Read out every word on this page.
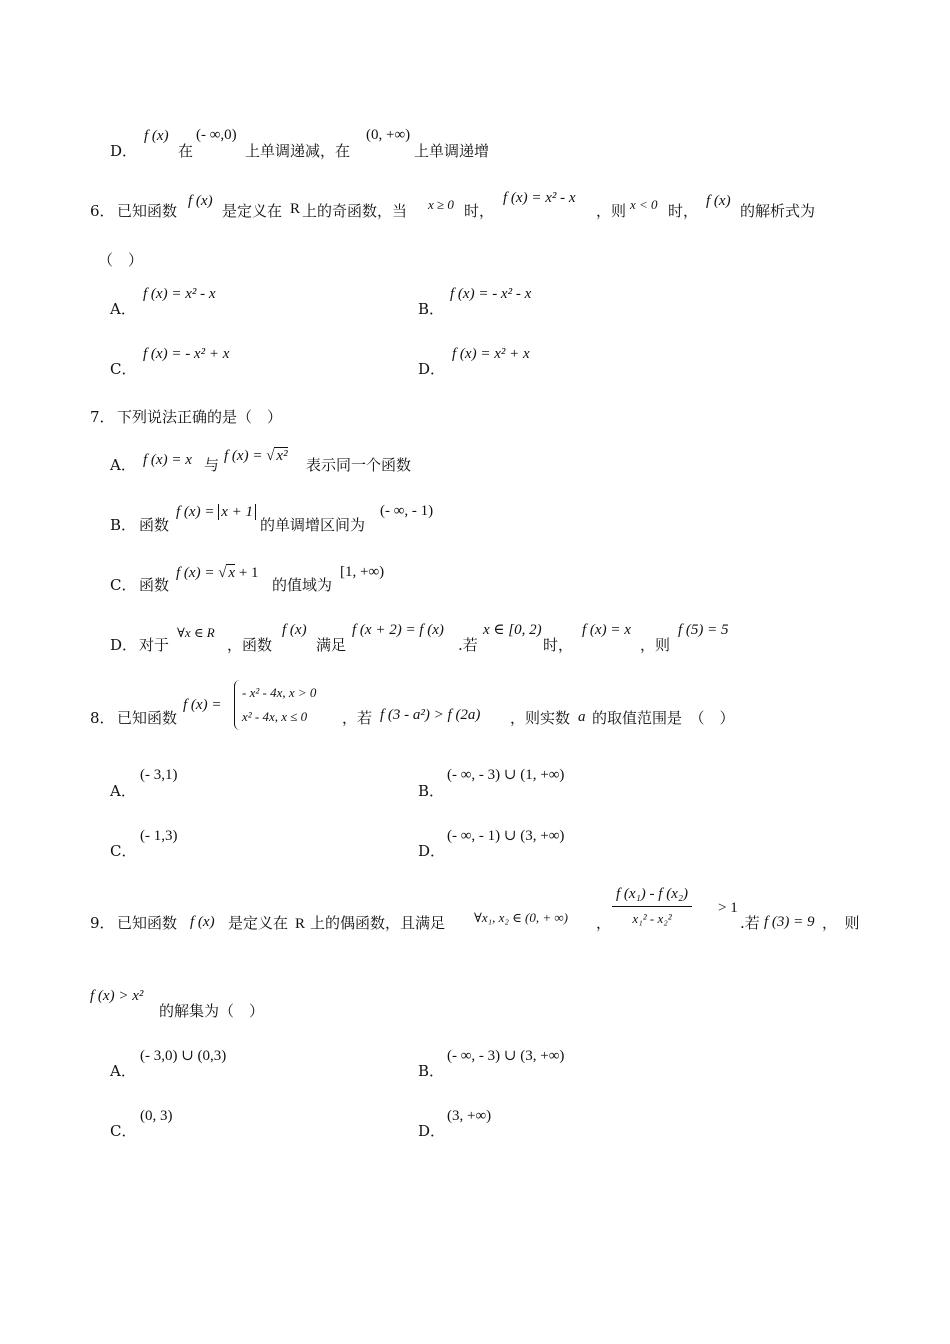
D．
f (x)
在
(- ∞,0)
上单调递减，在
(0, +∞)
上单调递增
6． 已知函数
f (x)
是定义在 R 上的奇函数，当 x ≥ 0 时，
f (x) = x² - x
，则 x < 0 时，
f (x)
的解析式为
（　）
A．
f (x) = x² - x
B．
f (x) = - x² - x
C．
f (x) = - x² + x
D．
f (x) = x² + x
7． 下列说法正确的是（　）
A． f (x) = x 与 f (x) = √ x² 表示同一个函数
B． 函数
f (x) = x + 1
的单调增区间为
(- ∞, - 1)
C． 函数
f (x) = √ x + 1
的值域为
[1, +∞)
D． 对于
∀x ∈ R
，函数
f (x)
满足
f (x + 2) = f (x)
.若
x ∈ [0, 2)
时，
f (x) = x
，则
f (5) = 5
8． 已知函数
f (x) =
- x² - 4x, x > 0
x² - 4x, x ≤ 0 ，若 f (3 - a²) > f (2a) ，则实数 a 的取值范围是　（　）
A．
(- 3,1)
B．
(- ∞, - 3) ∪ (1, +∞)
C．
(- 1,3)
D．
(- ∞, - 1) ∪ (3, +∞)
9． 已知函数 f (x) 是定义在 R 上的偶函数，且满足 ∀x₁, x₂ ∈ (0, + ∞) ， $\frac{\text{f (x₁) - f (x₂)}}{\text{x₁² - x₂²}} > 1$
.若 f (3) = 9 ，　则
f (x) > x²
的解集为（　）
A．
(- 3,0) ∪ (0,3)
B．
(- ∞, - 3) ∪ (3, +∞)
C．
(0, 3)
D．
(3, +∞)
